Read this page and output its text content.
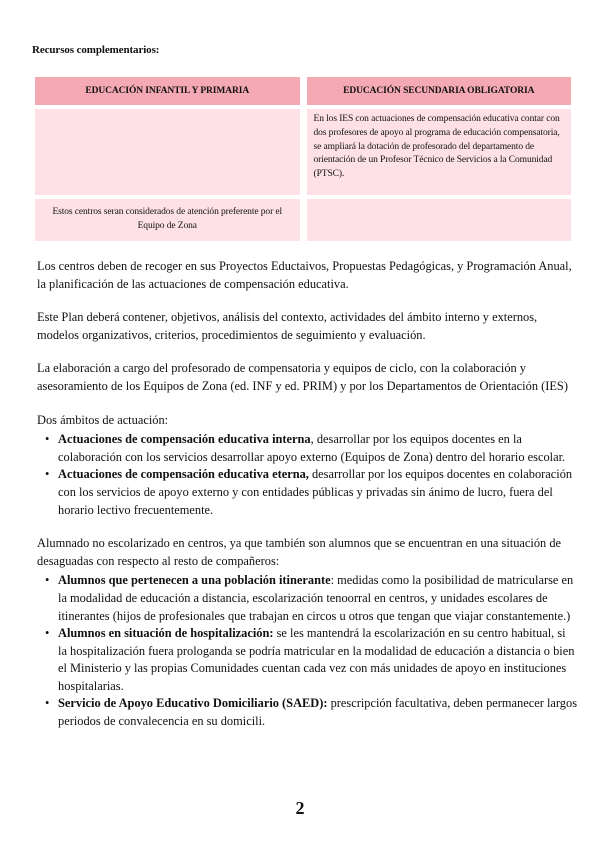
Recursos complementarios:
EDUCACIÓN INFANTIL Y PRIMARIA	EDUCACIÓN SECUNDARIA OBLIGATORIA
	En los IES con actuaciones de compensación educativa contar con dos profesores de apoyo al programa de educación compensatoria, se ampliará la dotación de profesorado del departamento de orientación de un Profesor Técnico de Servicios a la Comunidad (PTSC).
Estos centros seran considerados de atención preferente por el Equipo de Zona	

Los centros deben de recoger en sus Proyectos Eductaivos, Propuestas Pedagógicas, y Programación Anual, la planificación de las actuaciones de compensación educativa.

Este Plan deberá contener, objetivos, análisis del contexto, actividades del ámbito interno y externos, modelos organizativos, criterios, procedimientos de seguimiento y evaluación.

La elaboración a cargo del profesorado de compensatoria y equipos de ciclo, con la colaboración y asesoramiento de los Equipos de Zona (ed. INF y ed. PRIM) y por los Departamentos de Orientación (IES)

Dos ámbitos de actuación:

• Actuaciones de compensación educativa interna, desarrollar por los equipos docentes en la colaboración con los servicios desarrollar apoyo externo (Equipos de Zona) dentro del horario escolar.
• Actuaciones de compensación educativa eterna, desarrollar por los equipos docentes en colaboración con los servicios de apoyo externo y con entidades públicas y privadas sin ánimo de lucro, fuera del horario lectivo frecuentemente.

Alumnado no escolarizado en centros, ya que también son alumnos que se encuentran en una situación de desaguadas con respecto al resto de compañeros:

• Alumnos que pertenecen a una población itinerante: medidas como la posibilidad de matricularse en la modalidad de educación a distancia, escolarización tenoorral en centros, y unidades escolares de itinerantes (hijos de profesionales que trabajan en circos u otros que tengan que viajar constantemente.)
• Alumnos en situación de hospitalización: se les mantendrá la escolarización en su centro habitual, si la hospitalización fuera prologanda se podría matricular en la modalidad de educación a distancia o bien el Ministerio y las propias Comunidades cuentan cada vez con más unidades de apoyo en instituciones hospitalarias.
• Servicio de Apoyo Educativo Domiciliario (SAED): prescripción facultativa, deben permanecer largos periodos de convalecencia en su domicili.
2
